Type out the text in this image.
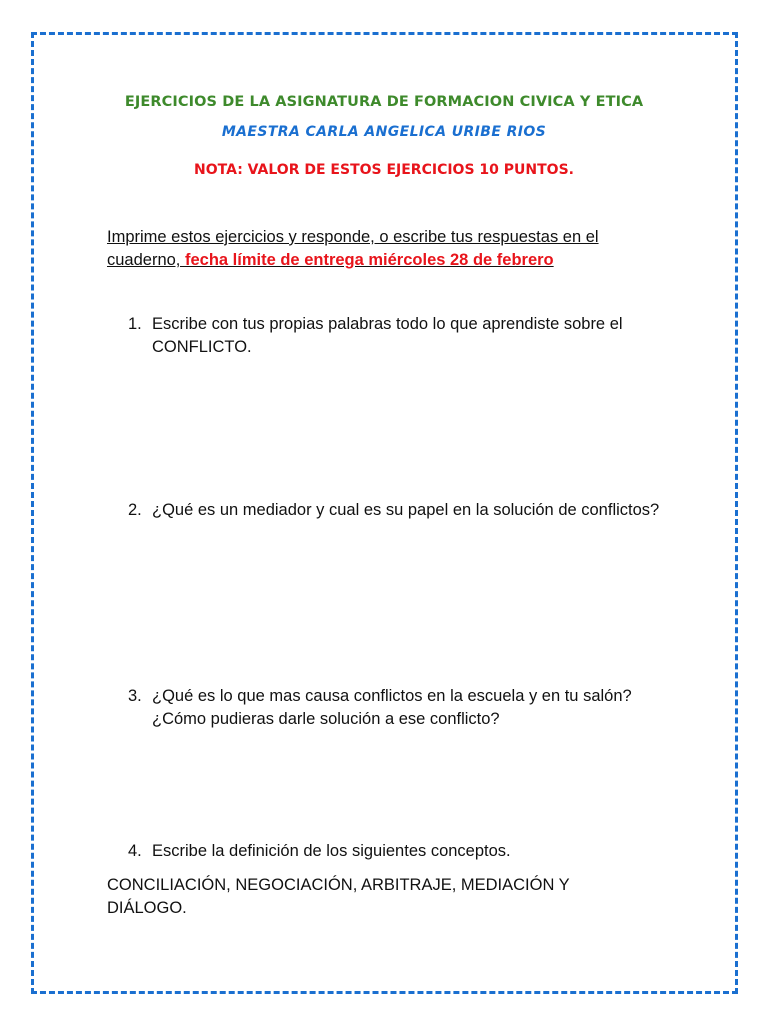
EJERCICIOS DE LA ASIGNATURA DE FORMACION CIVICA Y ETICA

MAESTRA CARLA ANGELICA URIBE RIOS

NOTA: VALOR DE ESTOS EJERCICIOS 10 PUNTOS.

Imprime estos ejercicios y responde, o escribe tus respuestas en el cuaderno, fecha límite de entrega miércoles 28 de febrero

1. Escribe con tus propias palabras todo lo que aprendiste sobre el CONFLICTO.
2. ¿Qué es un mediador y cual es su papel en la solución de conflictos?
3. ¿Qué es lo que mas causa conflictos en la escuela y en tu salón? ¿Cómo pudieras darle solución a ese conflicto?
4. Escribe la definición de los siguientes conceptos.

CONCILIACIÓN, NEGOCIACIÓN, ARBITRAJE, MEDIACIÓN Y DIÁLOGO.
